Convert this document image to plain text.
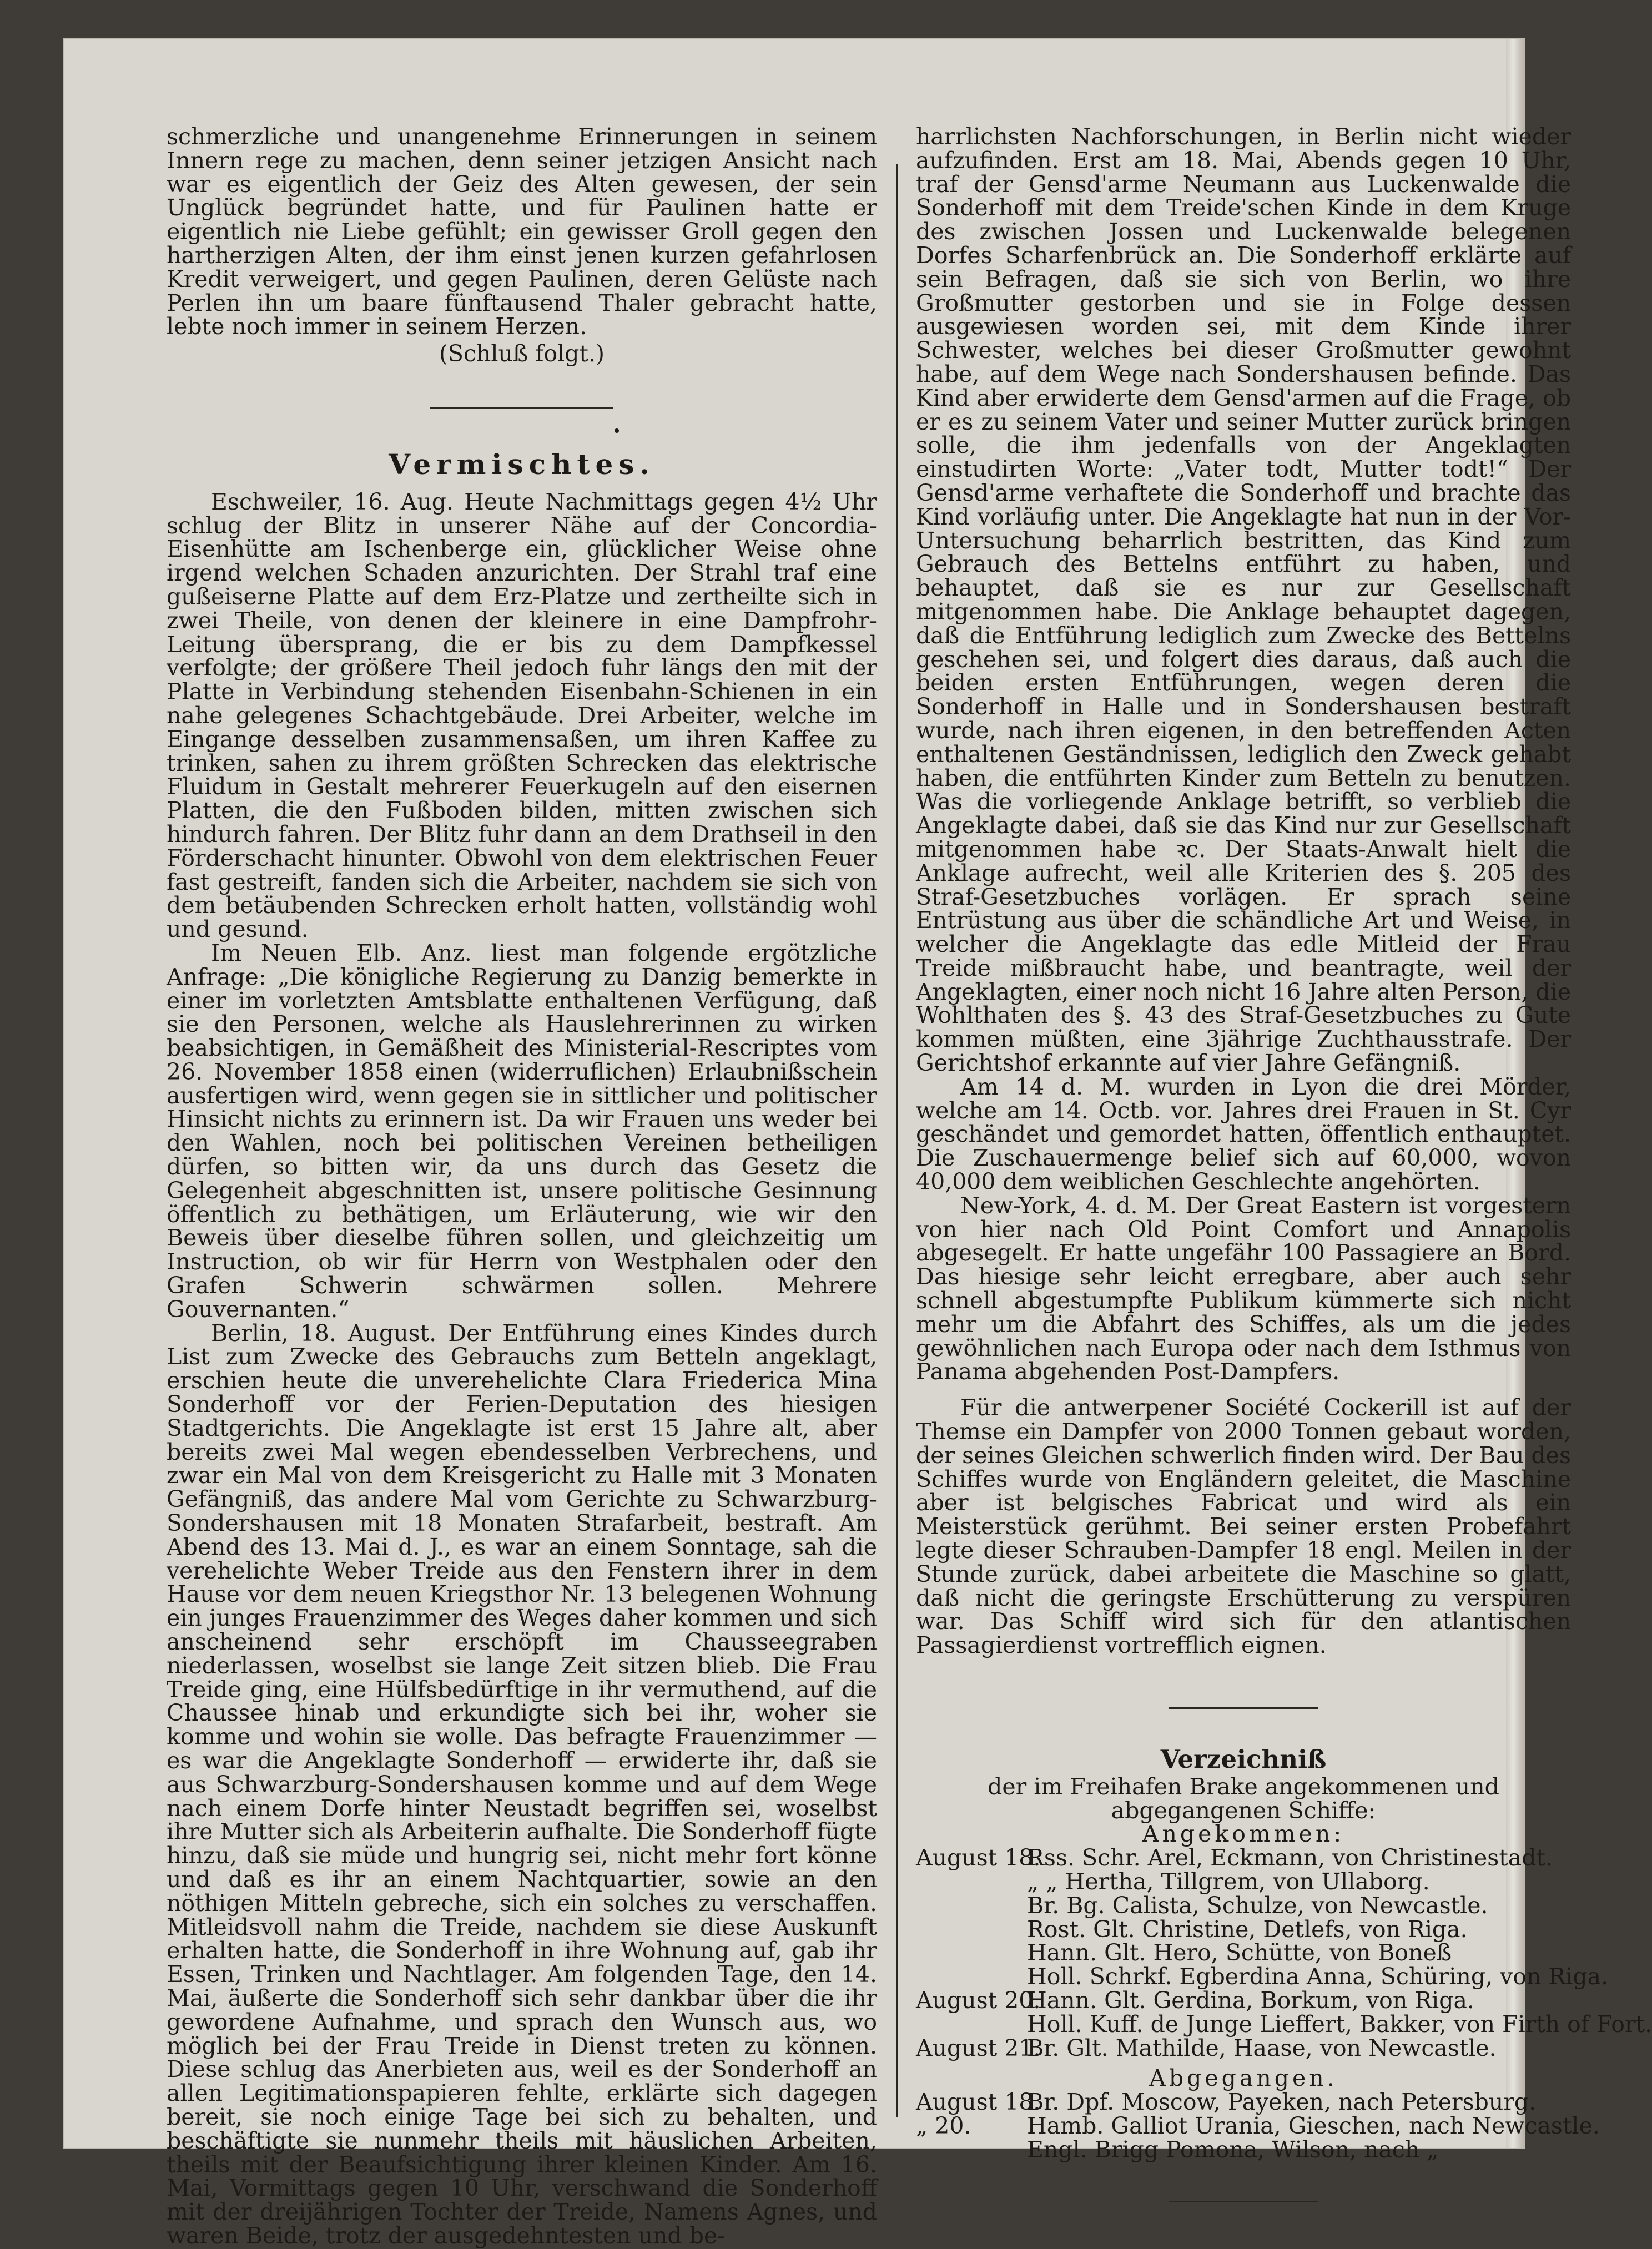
schmerzliche und unangenehme Erinnerungen in seinem Innern rege zu machen, denn seiner jetzigen Ansicht nach war es eigentlich der Geiz des Alten gewesen, der sein Unglück begründet hatte, und für Paulinen hatte er eigentlich nie Liebe gefühlt; ein gewisser Groll gegen den hartherzigen Alten, der ihm einst jenen kurzen gefahrlosen Kredit verweigert, und gegen Paulinen, deren Gelüste nach Perlen ihn um baare fünftausend Thaler gebracht hatte, lebte noch immer in seinem Herzen.

(Schluß folgt.)

Vermischtes.

Eschweiler, 16. Aug. Heute Nachmittags gegen 4½ Uhr schlug der Blitz in unserer Nähe auf der Concordia-Eisenhütte am Ischenberge ein, glücklicher Weise ohne irgend welchen Schaden anzurichten. Der Strahl traf eine gußeiserne Platte auf dem Erz-Platze und zertheilte sich in zwei Theile, von denen der kleinere in eine Dampfrohr-Leitung übersprang, die er bis zu dem Dampfkessel verfolgte; der größere Theil jedoch fuhr längs den mit der Platte in Verbindung stehenden Eisenbahn-Schienen in ein nahe gelegenes Schachtgebäude. Drei Arbeiter, welche im Eingange desselben zusammensaßen, um ihren Kaffee zu trinken, sahen zu ihrem größten Schrecken das elektrische Fluidum in Gestalt mehrerer Feuerkugeln auf den eisernen Platten, die den Fußboden bilden, mitten zwischen sich hindurch fahren. Der Blitz fuhr dann an dem Drathseil in den Förderschacht hinunter. Obwohl von dem elektrischen Feuer fast gestreift, fanden sich die Arbeiter, nachdem sie sich von dem betäubenden Schrecken erholt hatten, vollständig wohl und gesund.

Im Neuen Elb. Anz. liest man folgende ergötzliche Anfrage: „Die königliche Regierung zu Danzig bemerkte in einer im vorletzten Amtsblatte enthaltenen Verfügung, daß sie den Personen, welche als Hauslehrerinnen zu wirken beabsichtigen, in Gemäßheit des Ministerial-Rescriptes vom 26. November 1858 einen (widerruflichen) Erlaubnißschein ausfertigen wird, wenn gegen sie in sittlicher und politischer Hinsicht nichts zu erinnern ist. Da wir Frauen uns weder bei den Wahlen, noch bei politischen Vereinen betheiligen dürfen, so bitten wir, da uns durch das Gesetz die Gelegenheit abgeschnitten ist, unsere politische Gesinnung öffentlich zu bethätigen, um Erläuterung, wie wir den Beweis über dieselbe führen sollen, und gleichzeitig um Instruction, ob wir für Herrn von Westphalen oder den Grafen Schwerin schwärmen sollen. Mehrere Gouvernanten.“

Berlin, 18. August. Der Entführung eines Kindes durch List zum Zwecke des Gebrauchs zum Betteln angeklagt, erschien heute die unverehelichte Clara Friederica Mina Sonderhoff vor der Ferien-Deputation des hiesigen Stadtgerichts. Die Angeklagte ist erst 15 Jahre alt, aber bereits zwei Mal wegen ebendesselben Verbrechens, und zwar ein Mal von dem Kreisgericht zu Halle mit 3 Monaten Gefängniß, das andere Mal vom Gerichte zu Schwarzburg-Sondershausen mit 18 Monaten Strafarbeit, bestraft. Am Abend des 13. Mai d. J., es war an einem Sonntage, sah die verehelichte Weber Treide aus den Fenstern ihrer in dem Hause vor dem neuen Kriegsthor Nr. 13 belegenen Wohnung ein junges Frauenzimmer des Weges daher kommen und sich anscheinend sehr erschöpft im Chausseegraben niederlassen, woselbst sie lange Zeit sitzen blieb. Die Frau Treide ging, eine Hülfsbedürftige in ihr vermuthend, auf die Chaussee hinab und erkundigte sich bei ihr, woher sie komme und wohin sie wolle. Das befragte Frauenzimmer — es war die Angeklagte Sonderhoff — erwiderte ihr, daß sie aus Schwarzburg-Sondershausen komme und auf dem Wege nach einem Dorfe hinter Neustadt begriffen sei, woselbst ihre Mutter sich als Arbeiterin aufhalte. Die Sonderhoff fügte hinzu, daß sie müde und hungrig sei, nicht mehr fort könne und daß es ihr an einem Nachtquartier, sowie an den nöthigen Mitteln gebreche, sich ein solches zu verschaffen. Mitleidsvoll nahm die Treide, nachdem sie diese Auskunft erhalten hatte, die Sonderhoff in ihre Wohnung auf, gab ihr Essen, Trinken und Nachtlager. Am folgenden Tage, den 14. Mai, äußerte die Sonderhoff sich sehr dankbar über die ihr gewordene Aufnahme, und sprach den Wunsch aus, wo möglich bei der Frau Treide in Dienst treten zu können. Diese schlug das Anerbieten aus, weil es der Sonderhoff an allen Legitimationspapieren fehlte, erklärte sich dagegen bereit, sie noch einige Tage bei sich zu behalten, und beschäftigte sie nunmehr theils mit häuslichen Arbeiten, theils mit der Beaufsichtigung ihrer kleinen Kinder. Am 16. Mai, Vormittags gegen 10 Uhr, verschwand die Sonderhoff mit der dreijährigen Tochter der Treide, Namens Agnes, und waren Beide, trotz der ausgedehntesten und be-

harrlichsten Nachforschungen, in Berlin nicht wieder aufzufinden. Erst am 18. Mai, Abends gegen 10 Uhr, traf der Gensd'arme Neumann aus Luckenwalde die Sonderhoff mit dem Treide'schen Kinde in dem Kruge des zwischen Jossen und Luckenwalde belegenen Dorfes Scharfenbrück an. Die Sonderhoff erklärte auf sein Befragen, daß sie sich von Berlin, wo ihre Großmutter gestorben und sie in Folge dessen ausgewiesen worden sei, mit dem Kinde ihrer Schwester, welches bei dieser Großmutter gewohnt habe, auf dem Wege nach Sondershausen befinde. Das Kind aber erwiderte dem Gensd'armen auf die Frage, ob er es zu seinem Vater und seiner Mutter zurück bringen solle, die ihm jedenfalls von der Angeklagten einstudirten Worte: „Vater todt, Mutter todt!“ Der Gensd'arme verhaftete die Sonderhoff und brachte das Kind vorläufig unter. Die Angeklagte hat nun in der Vor-Untersuchung beharrlich bestritten, das Kind zum Gebrauch des Bettelns entführt zu haben, und behauptet, daß sie es nur zur Gesellschaft mitgenommen habe. Die Anklage behauptet dagegen, daß die Entführung lediglich zum Zwecke des Bettelns geschehen sei, und folgert dies daraus, daß auch die beiden ersten Entführungen, wegen deren die Sonderhoff in Halle und in Sondershausen bestraft wurde, nach ihren eigenen, in den betreffenden Acten enthaltenen Geständnissen, lediglich den Zweck gehabt haben, die entführten Kinder zum Betteln zu benutzen. Was die vorliegende Anklage betrifft, so verblieb die Angeklagte dabei, daß sie das Kind nur zur Gesellschaft mitgenommen habe ꝛc. Der Staats-Anwalt hielt die Anklage aufrecht, weil alle Kriterien des §. 205 des Straf-Gesetzbuches vorlägen. Er sprach seine Entrüstung aus über die schändliche Art und Weise, in welcher die Angeklagte das edle Mitleid der Frau Treide mißbraucht habe, und beantragte, weil der Angeklagten, einer noch nicht 16 Jahre alten Person, die Wohlthaten des §. 43 des Straf-Gesetzbuches zu Gute kommen müßten, eine 3jährige Zuchthausstrafe. Der Gerichtshof erkannte auf vier Jahre Gefängniß.

Am 14 d. M. wurden in Lyon die drei Mörder, welche am 14. Octb. vor. Jahres drei Frauen in St. Cyr geschändet und gemordet hatten, öffentlich enthauptet. Die Zuschauermenge belief sich auf 60,000, wovon 40,000 dem weiblichen Geschlechte angehörten.

New-York, 4. d. M. Der Great Eastern ist vorgestern von hier nach Old Point Comfort und Annapolis abgesegelt. Er hatte ungefähr 100 Passagiere an Bord. Das hiesige sehr leicht erregbare, aber auch sehr schnell abgestumpfte Publikum kümmerte sich nicht mehr um die Abfahrt des Schiffes, als um die jedes gewöhnlichen nach Europa oder nach dem Isthmus von Panama abgehenden Post-Dampfers.

Für die antwerpener Société Cockerill ist auf der Themse ein Dampfer von 2000 Tonnen gebaut worden, der seines Gleichen schwerlich finden wird. Der Bau des Schiffes wurde von Engländern geleitet, die Maschine aber ist belgisches Fabricat und wird als ein Meisterstück gerühmt. Bei seiner ersten Probefahrt legte dieser Schrauben-Dampfer 18 engl. Meilen in der Stunde zurück, dabei arbeitete die Maschine so glatt, daß nicht die geringste Erschütterung zu verspüren war. Das Schiff wird sich für den atlantischen Passagierdienst vortrefflich eignen.

Verzeichniß

der im Freihafen Brake angekommenen und abgegangenen Schiffe:

Angekommen:

August 18.Rss. Schr. Arel, Eckmann, von Christinestadt.

„ „ Hertha, Tillgrem, von Ullaborg.

Br. Bg. Calista, Schulze, von Newcastle.

Rost. Glt. Christine, Detlefs, von Riga.

Hann. Glt. Hero, Schütte, von Boneß

Holl. Schrkf. Egberdina Anna, Schüring, von Riga.

August 20.Hann. Glt. Gerdina, Borkum, von Riga.

Holl. Kuff. de Junge Lieffert, Bakker, von Firth of Fort.

August 21.Br. Glt. Mathilde, Haase, von Newcastle.

Abgegangen.

August 18.Br. Dpf. Moscow, Payeken, nach Petersburg.

„ 20. Hamb. Galliot Urania, Gieschen, nach Newcastle.

Engl. Brigg Pomona, Wilson, nach „
